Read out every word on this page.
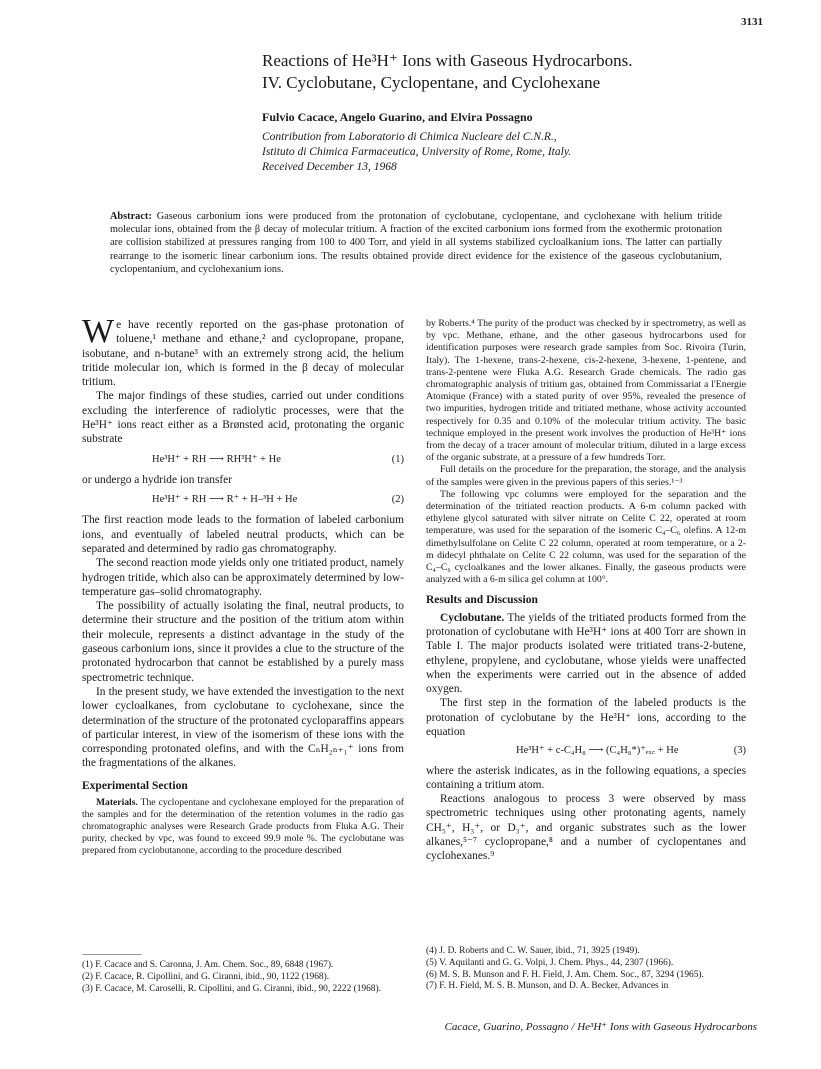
3131
Reactions of He³H⁺ Ions with Gaseous Hydrocarbons.
IV. Cyclobutane, Cyclopentane, and Cyclohexane
Fulvio Cacace, Angelo Guarino, and Elvira Possagno
Contribution from Laboratorio di Chimica Nucleare del C.N.R.,
Istituto di Chimica Farmaceutica, University of Rome, Rome, Italy.
Received December 13, 1968
Abstract: Gaseous carbonium ions were produced from the protonation of cyclobutane, cyclopentane, and cyclohexane with helium tritide molecular ions, obtained from the β decay of molecular tritium. A fraction of the excited carbonium ions formed from the exothermic protonation are collision stabilized at pressures ranging from 100 to 400 Torr, and yield in all systems stabilized cycloalkanium ions. The latter can partially rearrange to the isomeric linear carbonium ions. The results obtained provide direct evidence for the existence of the gaseous cyclobutanium, cyclopentanium, and cyclohexanium ions.

We have recently reported on the gas-phase protonation of toluene,¹ methane and ethane,² and cyclopropane, propane, isobutane, and n-butane³ with an extremely strong acid, the helium tritide molecular ion, which is formed in the β decay of molecular tritium.

The major findings of these studies, carried out under conditions excluding the interference of radiolytic processes, were that the He³H⁺ ions react either as a Brønsted acid, protonating the organic substrate

He³H⁺ + RH ⟶ RH³H⁺ + He	(1)

or undergo a hydride ion transfer

He³H⁺ + RH ⟶ R⁺ + H–³H + He	(2)

The first reaction mode leads to the formation of labeled carbonium ions, and eventually of labeled neutral products, which can be separated and determined by radio gas chromatography.

The second reaction mode yields only one tritiated product, namely hydrogen tritide, which also can be approximately determined by low-temperature gas–solid chromatography.

The possibility of actually isolating the final, neutral products, to determine their structure and the position of the tritium atom within their molecule, represents a distinct advantage in the study of the gaseous carbonium ions, since it provides a clue to the structure of the protonated hydrocarbon that cannot be established by a purely mass spectrometric technique.

In the present study, we have extended the investigation to the next lower cycloalkanes, from cyclobutane to cyclohexane, since the determination of the structure of the protonated cycloparaffins appears of particular interest, in view of the isomerism of these ions with the corresponding protonated olefins, and with the CₙH₂ₙ₊₁⁺ ions from the fragmentations of the alkanes.

Experimental Section

Materials. The cyclopentane and cyclohexane employed for the preparation of the samples and for the determination of the retention volumes in the radio gas chromatographic analyses were Research Grade products from Fluka A.G. Their purity, checked by vpc, was found to exceed 99.9 mole %. The cyclobutane was prepared from cyclobutanone, according to the procedure described

by Roberts.⁴ The purity of the product was checked by ir spectrometry, as well as by vpc. Methane, ethane, and the other gaseous hydrocarbons used for identification purposes were research grade samples from Soc. Rivoira (Turin, Italy). The 1-hexene, trans-2-hexene, cis-2-hexene, 3-hexene, 1-pentene, and trans-2-pentene were Fluka A.G. Research Grade chemicals. The radio gas chromatographic analysis of tritium gas, obtained from Commissariat a l'Energie Atomique (France) with a stated purity of over 95%, revealed the presence of two impurities, hydrogen tritide and tritiated methane, whose activity accounted respectively for 0.35 and 0.10% of the molecular tritium activity. The basic technique employed in the present work involves the production of He³H⁺ ions from the decay of a tracer amount of molecular tritium, diluted in a large excess of the organic substrate, at a pressure of a few hundreds Torr.

Full details on the procedure for the preparation, the storage, and the analysis of the samples were given in the previous papers of this series.¹⁻³

The following vpc columns were employed for the separation and the determination of the tritiated reaction products. A 6-m column packed with ethylene glycol saturated with silver nitrate on Celite C 22, operated at room temperature, was used for the separation of the isomeric C₄–C₆ olefins. A 12-m dimethylsulfolane on Celite C 22 column, operated at room temperature, or a 2-m didecyl phthalate on Celite C 22 column, was used for the separation of the C₄–C₆ cycloalkanes and the lower alkanes. Finally, the gaseous products were analyzed with a 6-m silica gel column at 100°.

Results and Discussion

Cyclobutane. The yields of the tritiated products formed from the protonation of cyclobutane with He³H⁺ ions at 400 Torr are shown in Table I. The major products isolated were tritiated trans-2-butene, ethylene, propylene, and cyclobutane, whose yields were unaffected when the experiments were carried out in the absence of added oxygen.

The first step in the formation of the labeled products is the protonation of cyclobutane by the He³H⁺ ions, according to the equation

He³H⁺ + c-C₄H₈ ⟶ (C₄H₈*)⁺ₑₓ꜀ + He	(3)

where the asterisk indicates, as in the following equations, a species containing a tritium atom.

Reactions analogous to process 3 were observed by mass spectrometric techniques using other protonating agents, namely CH₅⁺, H₃⁺, or D₃⁺, and organic substrates such as the lower alkanes,⁵⁻⁷ cyclopropane,⁸ and a number of cyclopentanes and cyclohexanes.⁹

(1) F. Cacace and S. Caronna, J. Am. Chem. Soc., 89, 6848 (1967).
(2) F. Cacace, R. Cipollini, and G. Ciranni, ibid., 90, 1122 (1968).
(3) F. Cacace, M. Caroselli, R. Cipollini, and G. Ciranni, ibid., 90, 2222 (1968).
(4) J. D. Roberts and C. W. Sauer, ibid., 71, 3925 (1949).
(5) V. Aquilanti and G. G. Volpi, J. Chem. Phys., 44, 2307 (1966).
(6) M. S. B. Munson and F. H. Field, J. Am. Chem. Soc., 87, 3294 (1965).
(7) F. H. Field, M. S. B. Munson, and D. A. Becker, Advances in
Cacace, Guarino, Possagno / He³H⁺ Ions with Gaseous Hydrocarbons
